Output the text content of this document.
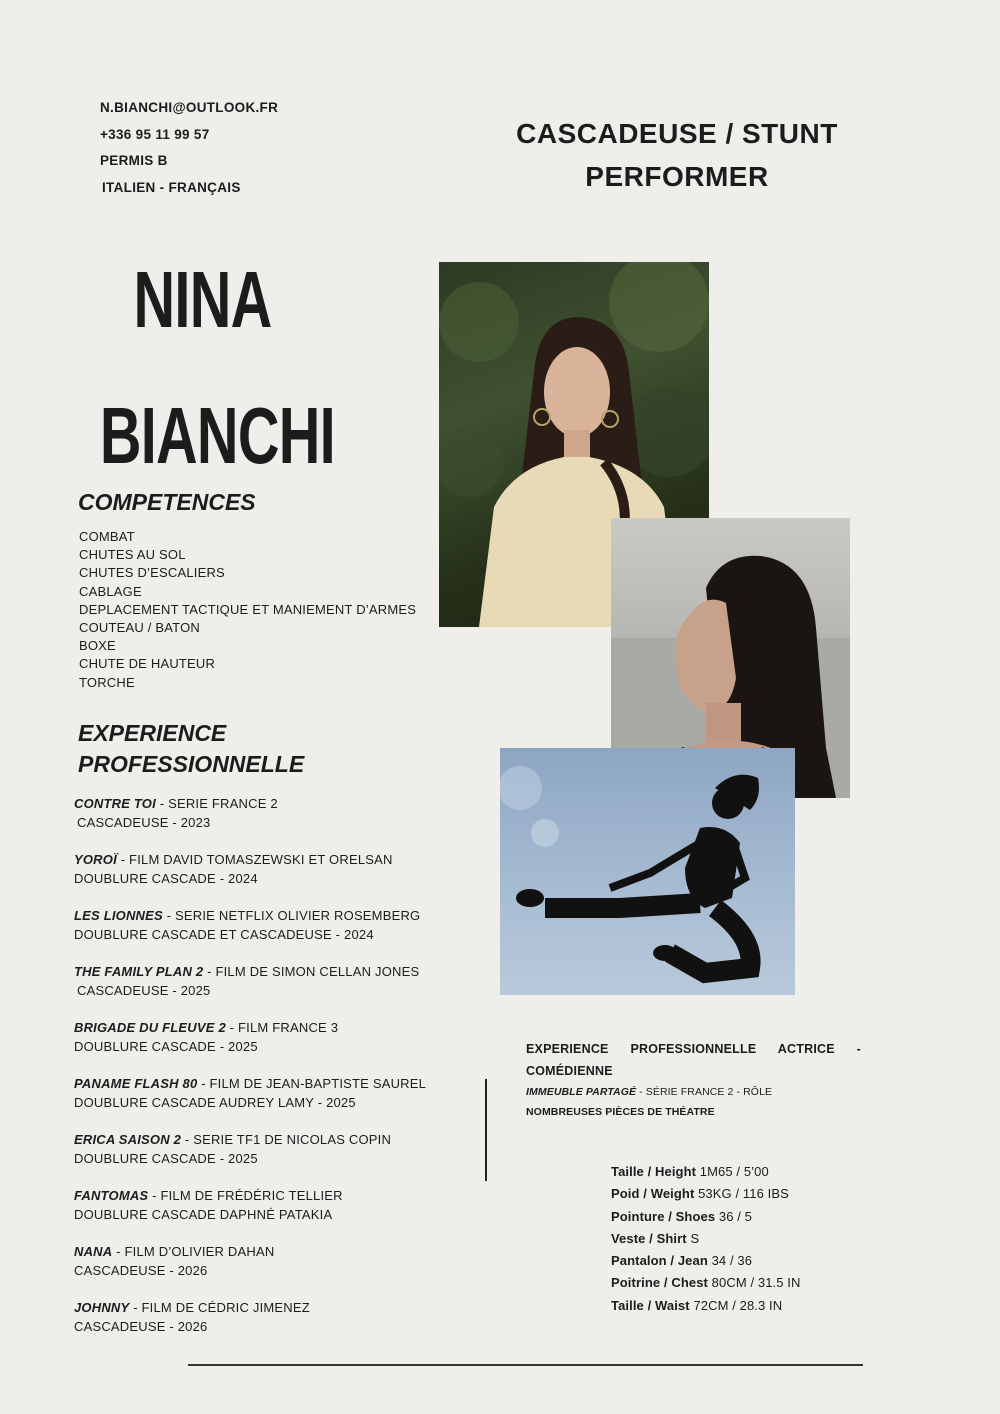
N.BIANCHI@OUTLOOK.FR
+336 95 11 99 57
PERMIS B
ITALIEN - FRANÇAIS
CASCADEUSE / STUNT
PERFORMER
NINA
BIANCHI
COMPETENCES
COMBAT
CHUTES AU SOL
CHUTES D’ESCALIERS
CABLAGE
DEPLACEMENT TACTIQUE ET MANIEMENT D’ARMES
COUTEAU / BATON
BOXE
CHUTE DE HAUTEUR
TORCHE
EXPERIENCE
PROFESSIONNELLE
CONTRE TOI - SERIE FRANCE 2
CASCADEUSE - 2023
YOROÏ - FILM DAVID TOMASZEWSKI ET ORELSAN
DOUBLURE CASCADE - 2024
LES LIONNES - SERIE NETFLIX OLIVIER ROSEMBERG
DOUBLURE CASCADE ET CASCADEUSE - 2024
THE FAMILY PLAN 2 - FILM DE SIMON CELLAN JONES
CASCADEUSE - 2025
BRIGADE DU FLEUVE 2 - FILM FRANCE 3
DOUBLURE CASCADE - 2025
PANAME FLASH 80 - FILM DE JEAN-BAPTISTE SAUREL
DOUBLURE CASCADE AUDREY LAMY - 2025
ERICA SAISON 2 - SERIE TF1 DE NICOLAS COPIN
DOUBLURE CASCADE - 2025
FANTOMAS - FILM DE FRÉDÉRIC TELLIER
DOUBLURE CASCADE DAPHNÉ PATAKIA
NANA - FILM D’OLIVIER DAHAN
CASCADEUSE - 2026
JOHNNY - FILM DE CÉDRIC JIMENEZ
CASCADEUSE - 2026
EXPERIENCE PROFESSIONNELLE ACTRICE -
COMÉDIENNE
IMMEUBLE PARTAGÉ - SÉRIE FRANCE 2 - RÔLE
NOMBREUSES PIÈCES DE THÉATRE
Taille / Height 1M65 / 5’00
Poid / Weight 53KG / 116 IBS
Pointure / Shoes 36 / 5
Veste / Shirt S
Pantalon / Jean 34 / 36
Poitrine / Chest 80CM / 31.5 IN
Taille / Waist 72CM / 28.3 IN
